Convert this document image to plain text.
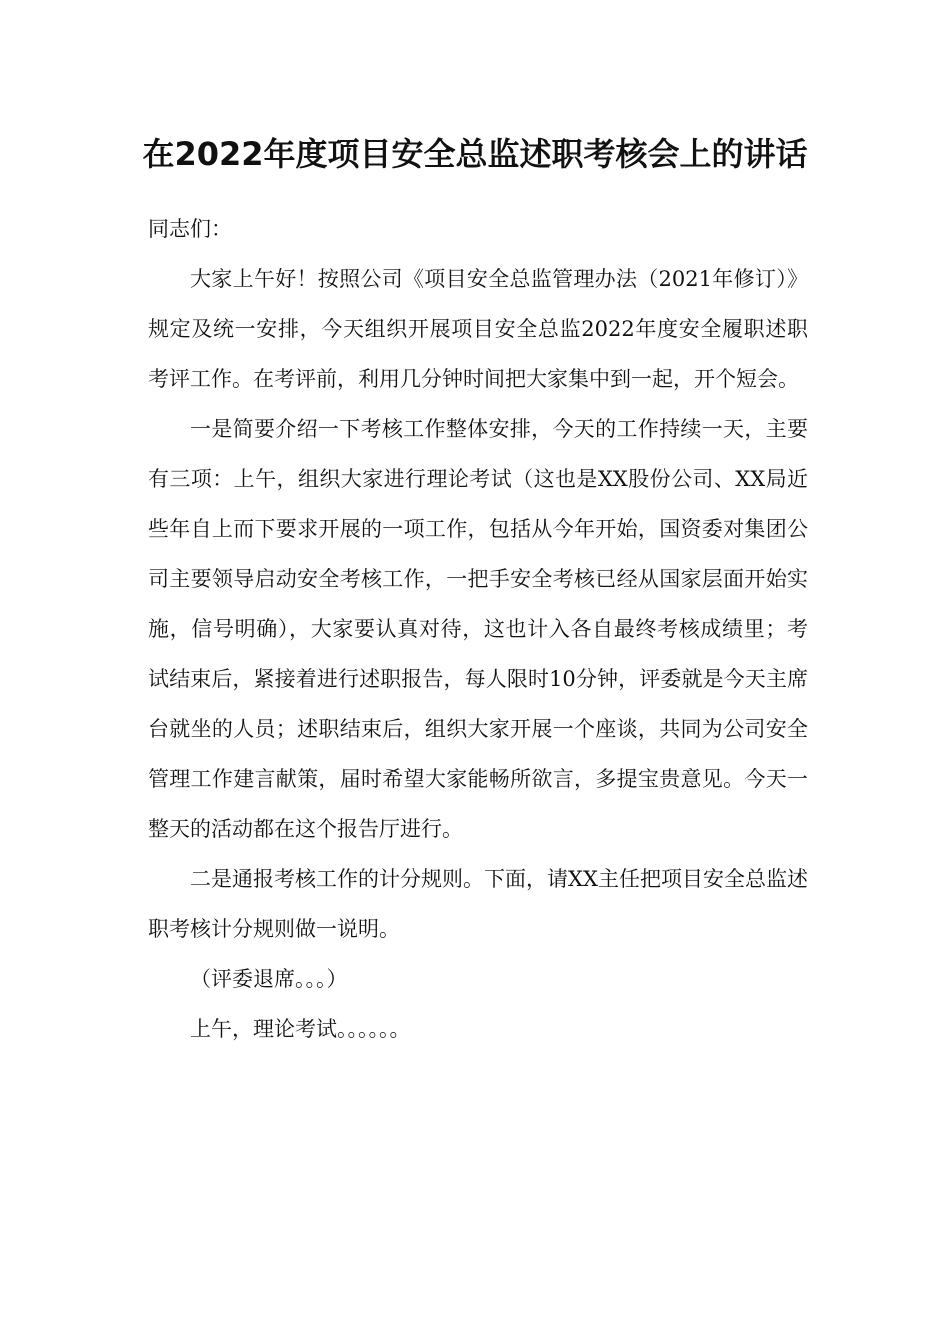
在2022年度项目安全总监述职考核会上的讲话

同志们：

大家上午好！按照公司《项目安全总监管理办法（2021年修订）》规定及统一安排，今天组织开展项目安全总监2022年度安全履职述职考评工作。在考评前，利用几分钟时间把大家集中到一起，开个短会。

一是简要介绍一下考核工作整体安排，今天的工作持续一天，主要有三项：上午，组织大家进行理论考试（这也是XX股份公司、XX局近些年自上而下要求开展的一项工作，包括从今年开始，国资委对集团公司主要领导启动安全考核工作，一把手安全考核已经从国家层面开始实施，信号明确），大家要认真对待，这也计入各自最终考核成绩里；考试结束后，紧接着进行述职报告，每人限时10分钟，评委就是今天主席台就坐的人员；述职结束后，组织大家开展一个座谈，共同为公司安全管理工作建言献策，届时希望大家能畅所欲言，多提宝贵意见。今天一整天的活动都在这个报告厅进行。

二是通报考核工作的计分规则。下面，请XX主任把项目安全总监述职考核计分规则做一说明。

（评委退席。。。）

上午，理论考试。。。。。。
